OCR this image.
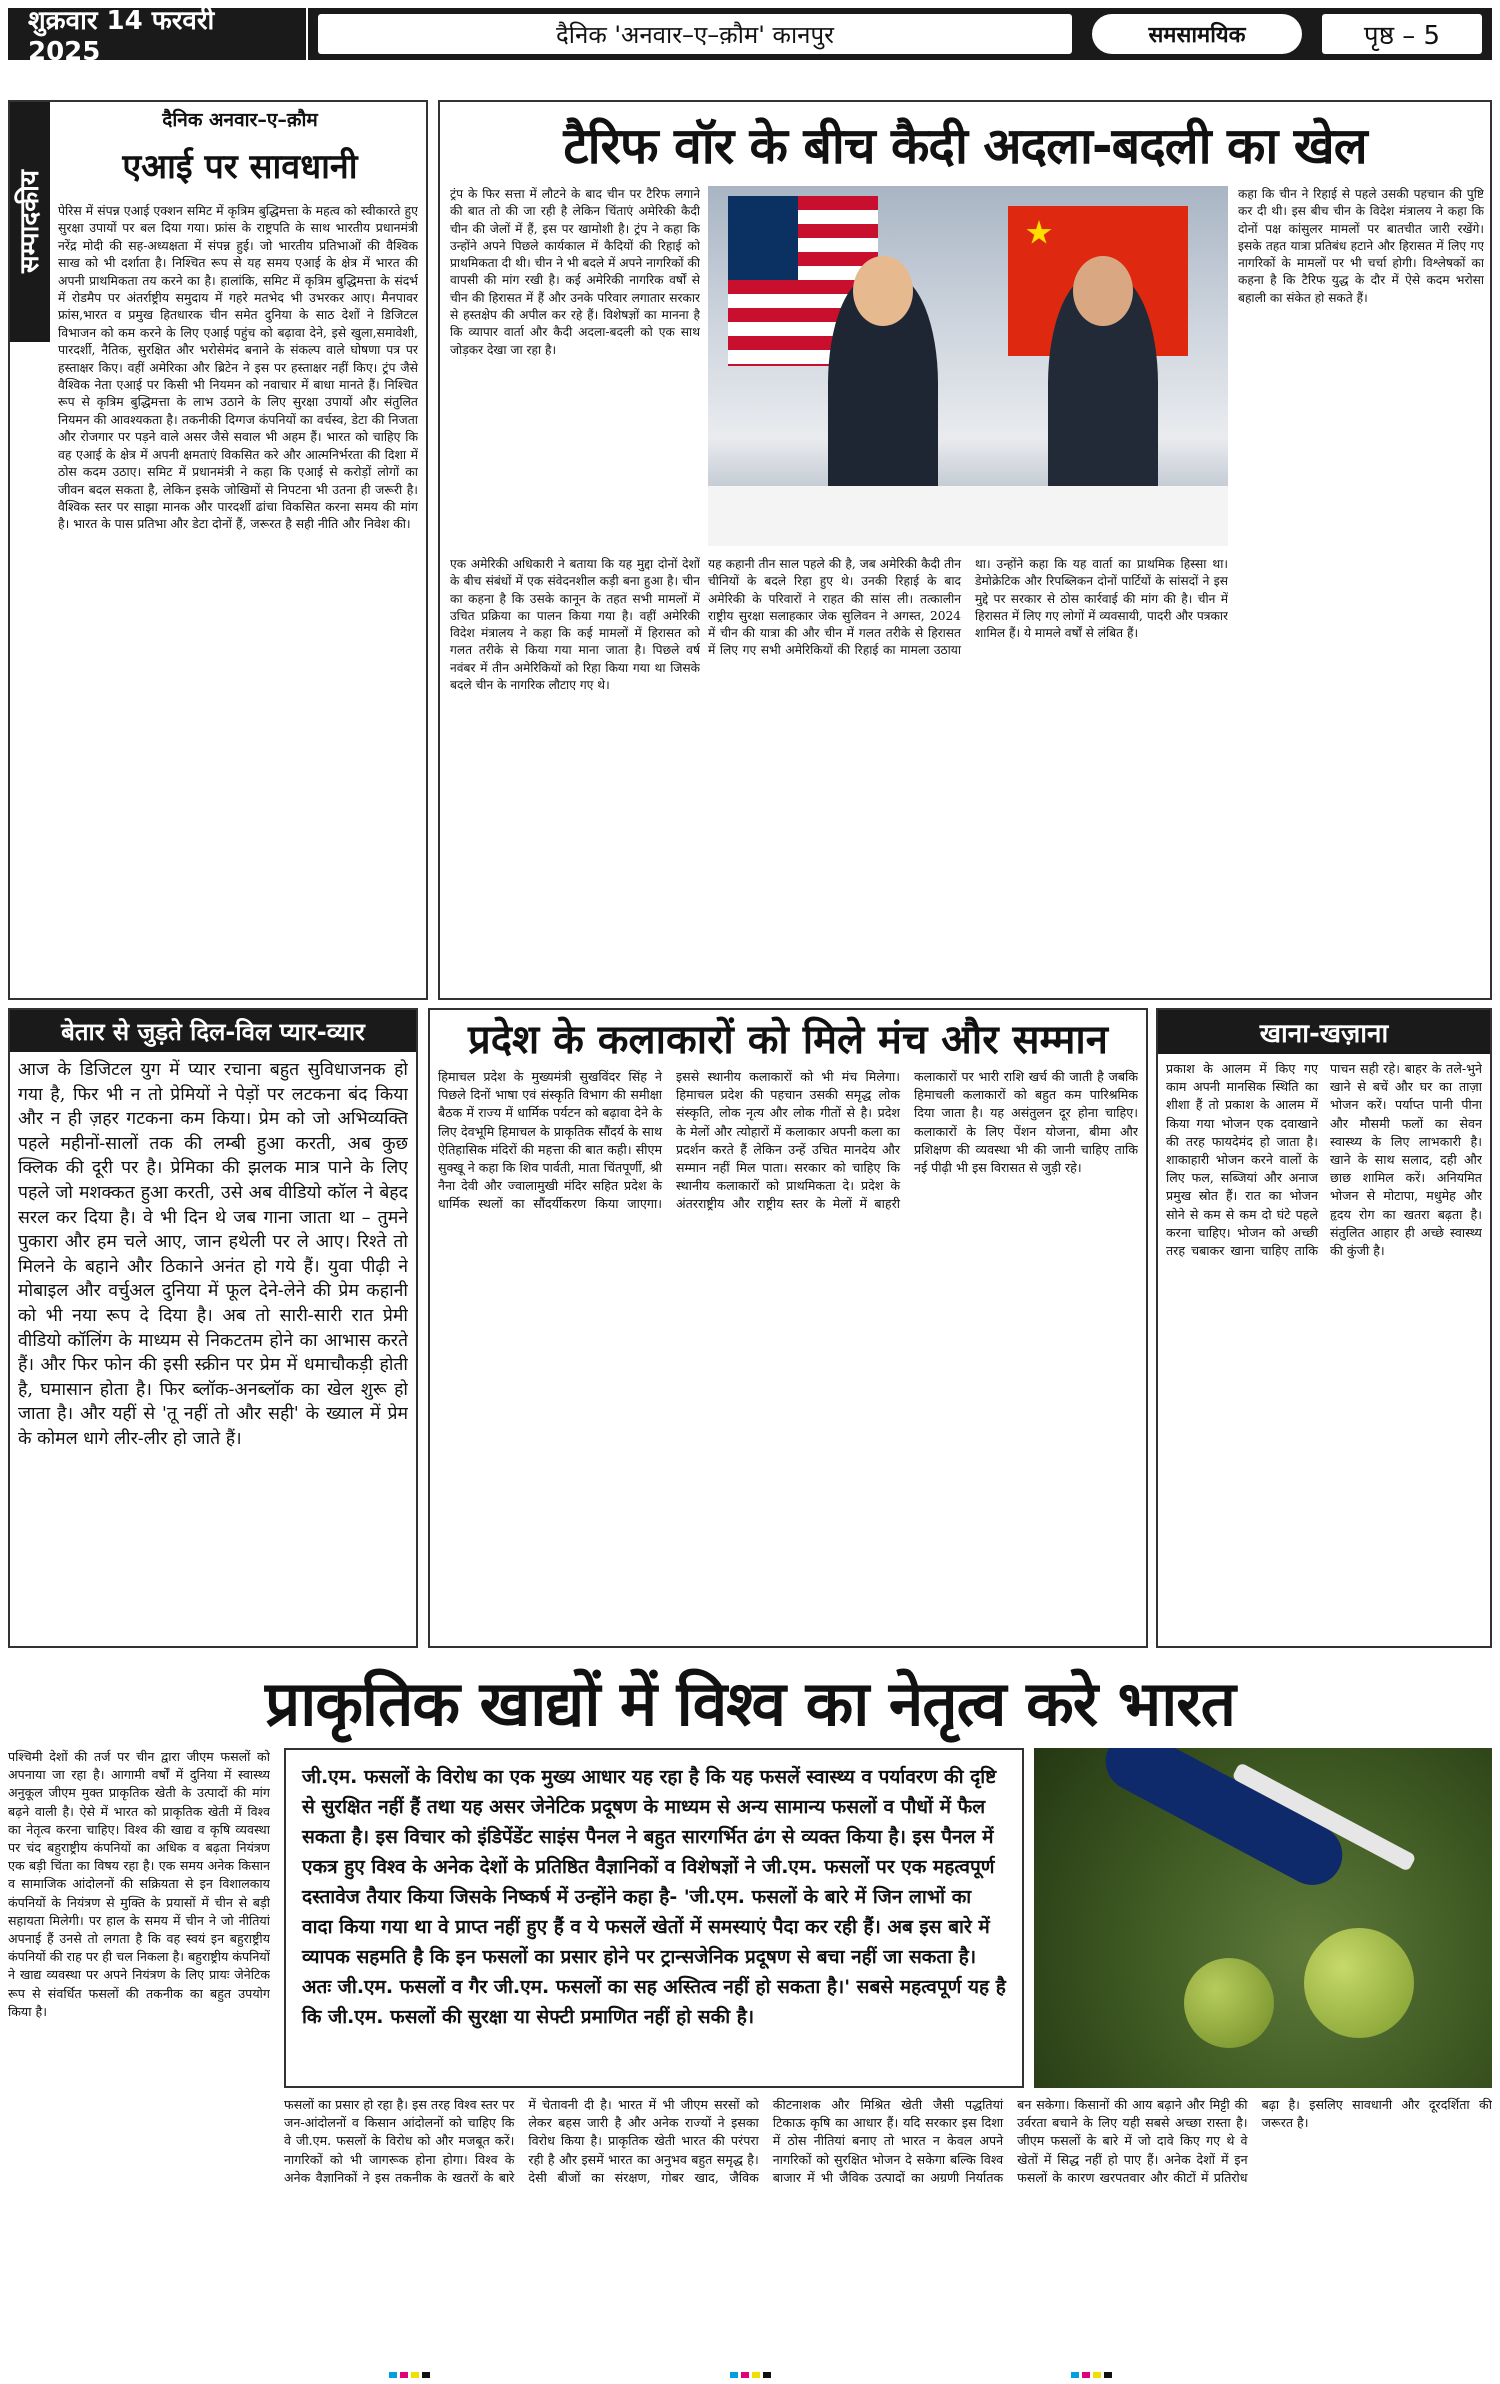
शुक्रवार 14 फरवरी 2025
दैनिक 'अनवार–ए–क़ौम' कानपुर	समसामयिक	पृष्ठ – 5
सम्पादकीय
दैनिक अनवार–ए–क़ौम
एआई पर सावधानी
पेरिस में संपन्न एआई एक्शन समिट में कृत्रिम बुद्धिमत्ता के महत्व को स्वीकारते हुए सुरक्षा उपायों पर बल दिया गया। फ्रांस के राष्ट्रपति के साथ भारतीय प्रधानमंत्री नरेंद्र मोदी की सह-अध्यक्षता में संपन्न हुई। जो भारतीय प्रतिभाओं की वैश्विक साख को भी दर्शाता है। निश्चित रूप से यह समय एआई के क्षेत्र में भारत की अपनी प्राथमिकता तय करने का है। हालांकि, समिट में कृत्रिम बुद्धिमत्ता के संदर्भ में रोडमैप पर अंतर्राष्ट्रीय समुदाय में गहरे मतभेद भी उभरकर आए। मैनपावर फ्रांस,भारत व प्रमुख हितधारक चीन समेत दुनिया के साठ देशों ने डिजिटल विभाजन को कम करने के लिए एआई पहुंच को बढ़ावा देने, इसे खुला,समावेशी, पारदर्शी, नैतिक, सुरक्षित और भरोसेमंद बनाने के संकल्प वाले घोषणा पत्र पर हस्ताक्षर किए। वहीं अमेरिका और ब्रिटेन ने इस पर हस्ताक्षर नहीं किए। ट्रंप जैसे वैश्विक नेता एआई पर किसी भी नियमन को नवाचार में बाधा मानते हैं। निश्चित रूप से कृत्रिम बुद्धिमत्ता के लाभ उठाने के लिए सुरक्षा उपायों और संतुलित नियमन की आवश्यकता है। तकनीकी दिग्गज कंपनियों का वर्चस्व, डेटा की निजता और रोजगार पर पड़ने वाले असर जैसे सवाल भी अहम हैं। भारत को चाहिए कि वह एआई के क्षेत्र में अपनी क्षमताएं विकसित करे और आत्मनिर्भरता की दिशा में ठोस कदम उठाए। समिट में प्रधानमंत्री ने कहा कि एआई से करोड़ों लोगों का जीवन बदल सकता है, लेकिन इसके जोखिमों से निपटना भी उतना ही जरूरी है। वैश्विक स्तर पर साझा मानक और पारदर्शी ढांचा विकसित करना समय की मांग है। भारत के पास प्रतिभा और डेटा दोनों हैं, जरूरत है सही नीति और निवेश की।
टैरिफ वॉर के बीच कैदी अदला-बदली का खेल
ट्रंप के फिर सत्ता में लौटने के बाद चीन पर टैरिफ लगाने की बात तो की जा रही है लेकिन चिंताएं अमेरिकी कैदी चीन की जेलों में हैं, इस पर खामोशी है। ट्रंप ने कहा कि उन्होंने अपने पिछले कार्यकाल में कैदियों की रिहाई को प्राथमिकता दी थी। चीन ने भी बदले में अपने नागरिकों की वापसी की मांग रखी है। कई अमेरिकी नागरिक वर्षों से चीन की हिरासत में हैं और उनके परिवार लगातार सरकार से हस्तक्षेप की अपील कर रहे हैं। विशेषज्ञों का मानना है कि व्यापार वार्ता और कैदी अदला-बदली को एक साथ जोड़कर देखा जा रहा है।
कहा कि चीन ने रिहाई से पहले उसकी पहचान की पुष्टि कर दी थी। इस बीच चीन के विदेश मंत्रालय ने कहा कि दोनों पक्ष कांसुलर मामलों पर बातचीत जारी रखेंगे। इसके तहत यात्रा प्रतिबंध हटाने और हिरासत में लिए गए नागरिकों के मामलों पर भी चर्चा होगी। विश्लेषकों का कहना है कि टैरिफ युद्ध के दौर में ऐसे कदम भरोसा बहाली का संकेत हो सकते हैं।
एक अमेरिकी अधिकारी ने बताया कि यह मुद्दा दोनों देशों के बीच संबंधों में एक संवेदनशील कड़ी बना हुआ है। चीन का कहना है कि उसके कानून के तहत सभी मामलों में उचित प्रक्रिया का पालन किया गया है। वहीं अमेरिकी विदेश मंत्रालय ने कहा कि कई मामलों में हिरासत को गलत तरीके से किया गया माना जाता है। पिछले वर्ष नवंबर में तीन अमेरिकियों को रिहा किया गया था जिसके बदले चीन के नागरिक लौटाए गए थे।
यह कहानी तीन साल पहले की है, जब अमेरिकी कैदी तीन चीनियों के बदले रिहा हुए थे। उनकी रिहाई के बाद अमेरिकी के परिवारों ने राहत की सांस ली। तत्कालीन राष्ट्रीय सुरक्षा सलाहकार जेक सुलिवन ने अगस्त, 2024 में चीन की यात्रा की और चीन में गलत तरीके से हिरासत में लिए गए सभी अमेरिकियों की रिहाई का मामला उठाया था। उन्होंने कहा कि यह वार्ता का प्राथमिक हिस्सा था। डेमोक्रेटिक और रिपब्लिकन दोनों पार्टियों के सांसदों ने इस मुद्दे पर सरकार से ठोस कार्रवाई की मांग की है। चीन में हिरासत में लिए गए लोगों में व्यवसायी, पादरी और पत्रकार शामिल हैं। ये मामले वर्षों से लंबित हैं।
बेतार से जुड़ते दिल-विल प्यार-व्यार
आज के डिजिटल युग में प्यार रचाना बहुत सुविधाजनक हो गया है, फिर भी न तो प्रेमियों ने पेड़ों पर लटकना बंद किया और न ही ज़हर गटकना कम किया। प्रेम को जो अभिव्यक्ति पहले महीनों-सालों तक की लम्बी हुआ करती, अब कुछ क्लिक की दूरी पर है। प्रेमिका की झलक मात्र पाने के लिए पहले जो मशक्कत हुआ करती, उसे अब वीडियो कॉल ने बेहद सरल कर दिया है। वे भी दिन थे जब गाना जाता था – तुमने पुकारा और हम चले आए, जान हथेली पर ले आए। रिश्ते तो मिलने के बहाने और ठिकाने अनंत हो गये हैं। युवा पीढ़ी ने मोबाइल और वर्चुअल दुनिया में फूल देने-लेने की प्रेम कहानी को भी नया रूप दे दिया है। अब तो सारी-सारी रात प्रेमी वीडियो कॉलिंग के माध्यम से निकटतम होने का आभास करते हैं। और फिर फोन की इसी स्क्रीन पर प्रेम में धमाचौकड़ी होती है, घमासान होता है। फिर ब्लॉक-अनब्लॉक का खेल शुरू हो जाता है। और यहीं से 'तू नहीं तो और सही' के ख्याल में प्रेम के कोमल धागे लीर-लीर हो जाते हैं।
प्रदेश के कलाकारों को मिले मंच और सम्मान
हिमाचल प्रदेश के मुख्यमंत्री सुखविंदर सिंह ने पिछले दिनों भाषा एवं संस्कृति विभाग की समीक्षा बैठक में राज्य में धार्मिक पर्यटन को बढ़ावा देने के लिए देवभूमि हिमाचल के प्राकृतिक सौंदर्य के साथ ऐतिहासिक मंदिरों की महत्ता की बात कही। सीएम सुक्खू ने कहा कि शिव पार्वती, माता चिंतपूर्णी, श्री नैना देवी और ज्वालामुखी मंदिर सहित प्रदेश के धार्मिक स्थलों का सौंदर्यीकरण किया जाएगा। इससे स्थानीय कलाकारों को भी मंच मिलेगा। हिमाचल प्रदेश की पहचान उसकी समृद्ध लोक संस्कृति, लोक नृत्य और लोक गीतों से है। प्रदेश के मेलों और त्योहारों में कलाकार अपनी कला का प्रदर्शन करते हैं लेकिन उन्हें उचित मानदेय और सम्मान नहीं मिल पाता। सरकार को चाहिए कि स्थानीय कलाकारों को प्राथमिकता दे। प्रदेश के अंतरराष्ट्रीय और राष्ट्रीय स्तर के मेलों में बाहरी कलाकारों पर भारी राशि खर्च की जाती है जबकि हिमाचली कलाकारों को बहुत कम पारिश्रमिक दिया जाता है। यह असंतुलन दूर होना चाहिए। कलाकारों के लिए पेंशन योजना, बीमा और प्रशिक्षण की व्यवस्था भी की जानी चाहिए ताकि नई पीढ़ी भी इस विरासत से जुड़ी रहे।
खाना-खज़ाना
प्रकाश के आलम में किए गए काम अपनी मानसिक स्थिति का शीशा हैं तो प्रकाश के आलम में किया गया भोजन एक दवाखाने की तरह फायदेमंद हो जाता है। शाकाहारी भोजन करने वालों के लिए फल, सब्जियां और अनाज प्रमुख स्रोत हैं। रात का भोजन सोने से कम से कम दो घंटे पहले करना चाहिए। भोजन को अच्छी तरह चबाकर खाना चाहिए ताकि पाचन सही रहे। बाहर के तले-भुने खाने से बचें और घर का ताज़ा भोजन करें। पर्याप्त पानी पीना और मौसमी फलों का सेवन स्वास्थ्य के लिए लाभकारी है। खाने के साथ सलाद, दही और छाछ शामिल करें। अनियमित भोजन से मोटापा, मधुमेह और हृदय रोग का खतरा बढ़ता है। संतुलित आहार ही अच्छे स्वास्थ्य की कुंजी है।
प्राकृतिक खाद्यों में विश्व का नेतृत्व करे भारत
पश्चिमी देशों की तर्ज पर चीन द्वारा जीएम फसलों को अपनाया जा रहा है। आगामी वर्षों में दुनिया में स्वास्थ्य अनुकूल जीएम मुक्त प्राकृतिक खेती के उत्पादों की मांग बढ़ने वाली है। ऐसे में भारत को प्राकृतिक खेती में विश्व का नेतृत्व करना चाहिए। विश्व की खाद्य व कृषि व्यवस्था पर चंद बहुराष्ट्रीय कंपनियों का अधिक व बढ़ता नियंत्रण एक बड़ी चिंता का विषय रहा है। एक समय अनेक किसान व सामाजिक आंदोलनों की सक्रियता से इन विशालकाय कंपनियों के नियंत्रण से मुक्ति के प्रयासों में चीन से बड़ी सहायता मिलेगी। पर हाल के समय में चीन ने जो नीतियां अपनाई हैं उनसे तो लगता है कि वह स्वयं इन बहुराष्ट्रीय कंपनियों की राह पर ही चल निकला है। बहुराष्ट्रीय कंपनियों ने खाद्य व्यवस्था पर अपने नियंत्रण के लिए प्रायः जेनेटिक रूप से संवर्धित फसलों की तकनीक का बहुत उपयोग किया है।
जी.एम. फसलों के विरोध का एक मुख्य आधार यह रहा है कि यह फसलें स्वास्थ्य व पर्यावरण की दृष्टि से सुरक्षित नहीं हैं तथा यह असर जेनेटिक प्रदूषण के माध्यम से अन्य सामान्य फसलों व पौधों में फैल सकता है। इस विचार को इंडिपेंडेंट साइंस पैनल ने बहुत सारगर्भित ढंग से व्यक्त किया है। इस पैनल में एकत्र हुए विश्व के अनेक देशों के प्रतिष्ठित वैज्ञानिकों व विशेषज्ञों ने जी.एम. फसलों पर एक महत्वपूर्ण दस्तावेज तैयार किया जिसके निष्कर्ष में उन्होंने कहा है- 'जी.एम. फसलों के बारे में जिन लाभों का वादा किया गया था वे प्राप्त नहीं हुए हैं व ये फसलें खेतों में समस्याएं पैदा कर रही हैं। अब इस बारे में व्यापक सहमति है कि इन फसलों का प्रसार होने पर ट्रान्सजेनिक प्रदूषण से बचा नहीं जा सकता है। अतः जी.एम. फसलों व गैर जी.एम. फसलों का सह अस्तित्व नहीं हो सकता है।' सबसे महत्वपूर्ण यह है कि जी.एम. फसलों की सुरक्षा या सेफ्टी प्रमाणित नहीं हो सकी है।
फसलों का प्रसार हो रहा है। इस तरह विश्व स्तर पर जन-आंदोलनों व किसान आंदोलनों को चाहिए कि वे जी.एम. फसलों के विरोध को और मजबूत करें। नागरिकों को भी जागरूक होना होगा। विश्व के अनेक वैज्ञानिकों ने इस तकनीक के खतरों के बारे में चेतावनी दी है। भारत में भी जीएम सरसों को लेकर बहस जारी है और अनेक राज्यों ने इसका विरोध किया है। प्राकृतिक खेती भारत की परंपरा रही है और इसमें भारत का अनुभव बहुत समृद्ध है। देसी बीजों का संरक्षण, गोबर खाद, जैविक कीटनाशक और मिश्रित खेती जैसी पद्धतियां टिकाऊ कृषि का आधार हैं। यदि सरकार इस दिशा में ठोस नीतियां बनाए तो भारत न केवल अपने नागरिकों को सुरक्षित भोजन दे सकेगा बल्कि विश्व बाजार में भी जैविक उत्पादों का अग्रणी निर्यातक बन सकेगा। किसानों की आय बढ़ाने और मिट्टी की उर्वरता बचाने के लिए यही सबसे अच्छा रास्ता है। जीएम फसलों के बारे में जो दावे किए गए थे वे खेतों में सिद्ध नहीं हो पाए हैं। अनेक देशों में इन फसलों के कारण खरपतवार और कीटों में प्रतिरोध बढ़ा है। इसलिए सावधानी और दूरदर्शिता की जरूरत है।
